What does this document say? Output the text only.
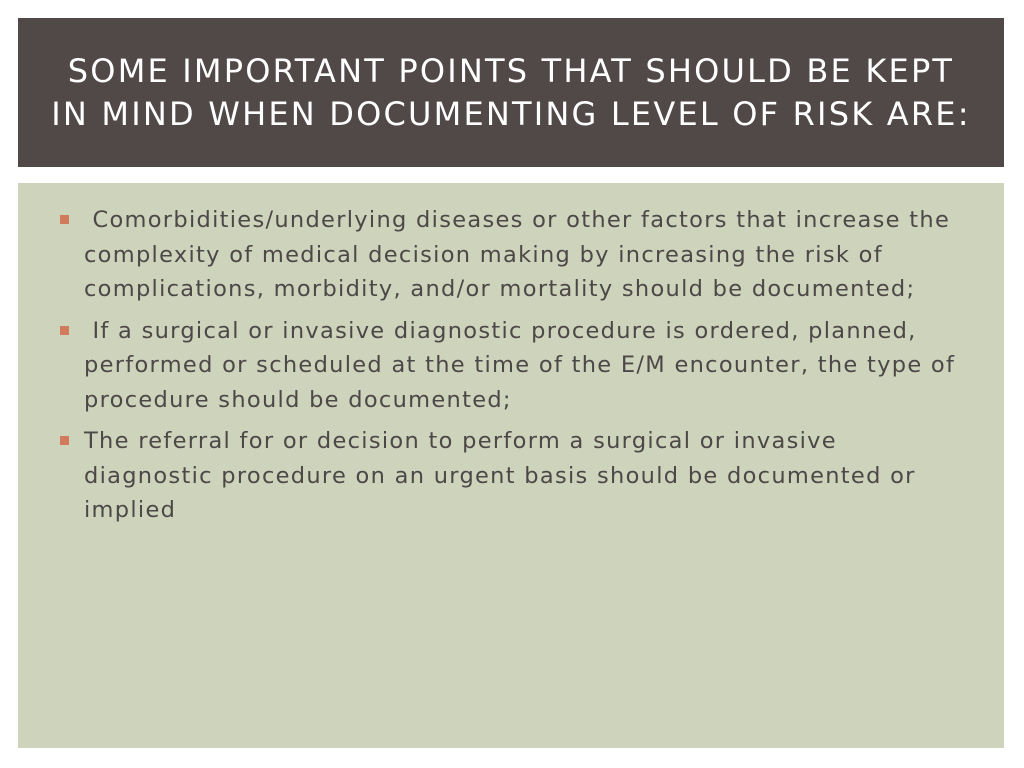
SOME IMPORTANT POINTS THAT SHOULD BE KEPT IN MIND WHEN DOCUMENTING LEVEL OF RISK ARE:
Comorbidities/underlying diseases or other factors that increase the complexity of medical decision making by increasing the risk of complications, morbidity, and/or mortality should be documented;
If a surgical or invasive diagnostic procedure is ordered, planned, performed or scheduled at the time of the E/M encounter, the type of procedure should be documented;
The referral for or decision to perform a surgical or invasive diagnostic procedure on an urgent basis should be documented or implied
